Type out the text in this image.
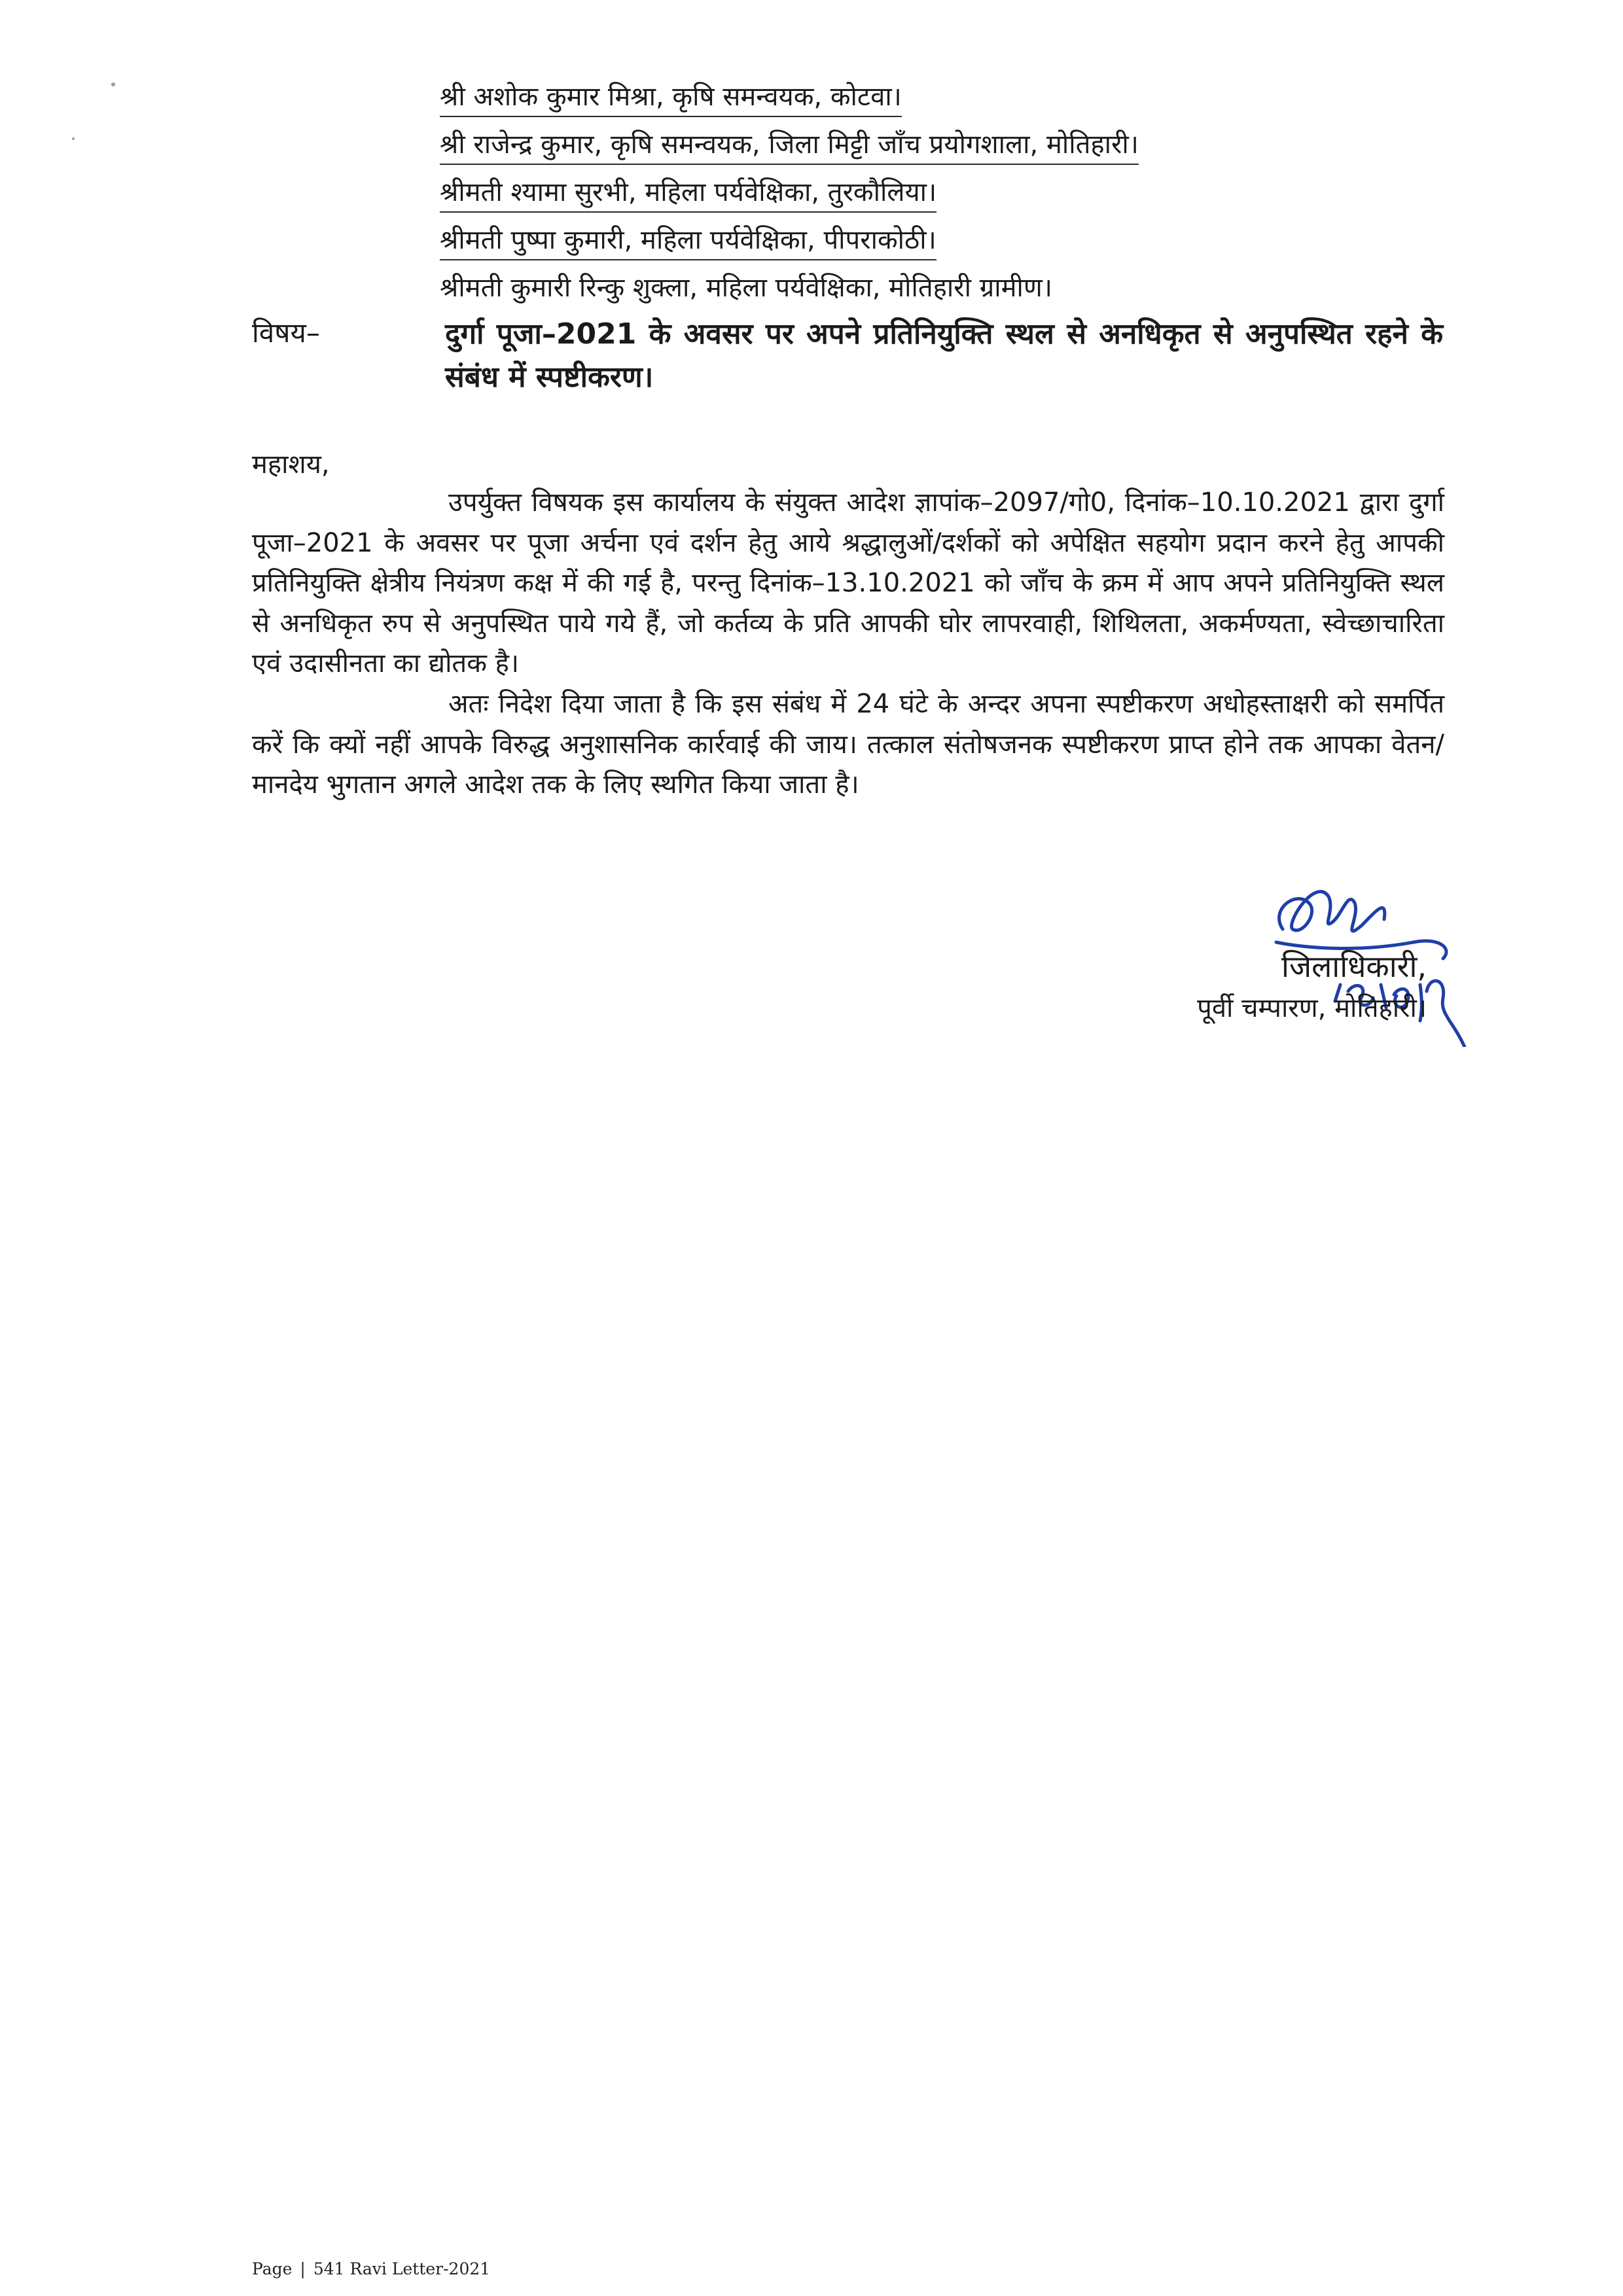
श्री अशोक कुमार मिश्रा, कृषि समन्वयक, कोटवा।
श्री राजेन्द्र कुमार, कृषि समन्वयक, जिला मिट्टी जाँच प्रयोगशाला, मोतिहारी।
श्रीमती श्यामा सुरभी, महिला पर्यवेक्षिका, तुरकौलिया।
श्रीमती पुष्पा कुमारी, महिला पर्यवेक्षिका, पीपराकोठी।
श्रीमती कुमारी रिन्कु शुक्ला, महिला पर्यवेक्षिका, मोतिहारी ग्रामीण।
विषय–	दुर्गा पूजा–2021 के अवसर पर अपने प्रतिनियुक्ति स्थल से अनधिकृत से अनुपस्थित रहने के संबंध में स्पष्टीकरण।
महाशय,

उपर्युक्त विषयक इस कार्यालय के संयुक्त आदेश ज्ञापांक–2097/गो0, दिनांक–10.10.2021 द्वारा दुर्गा पूजा–2021 के अवसर पर पूजा अर्चना एवं दर्शन हेतु आये श्रद्धालुओं/दर्शकों को अपेक्षित सहयोग प्रदान करने हेतु आपकी प्रतिनियुक्ति क्षेत्रीय नियंत्रण कक्ष में की गई है, परन्तु दिनांक–13.10.2021 को जाँच के क्रम में आप अपने प्रतिनियुक्ति स्थल से अनधिकृत रुप से अनुपस्थित पाये गये हैं, जो कर्तव्य के प्रति आपकी घोर लापरवाही, शिथिलता, अकर्मण्यता, स्वेच्छाचारिता एवं उदासीनता का द्योतक है।

अतः निदेश दिया जाता है कि इस संबंध में 24 घंटे के अन्दर अपना स्पष्टीकरण अधोहस्ताक्षरी को समर्पित करें कि क्यों नहीं आपके विरुद्ध अनुशासनिक कार्रवाई की जाय। तत्काल संतोषजनक स्पष्टीकरण प्राप्त होने तक आपका वेतन/मानदेय भुगतान अगले आदेश तक के लिए स्थगित किया जाता है।

जिलाधिकारी,
पूर्वी चम्पारण, मोतिहारी।
Page | 541 Ravi Letter-2021
